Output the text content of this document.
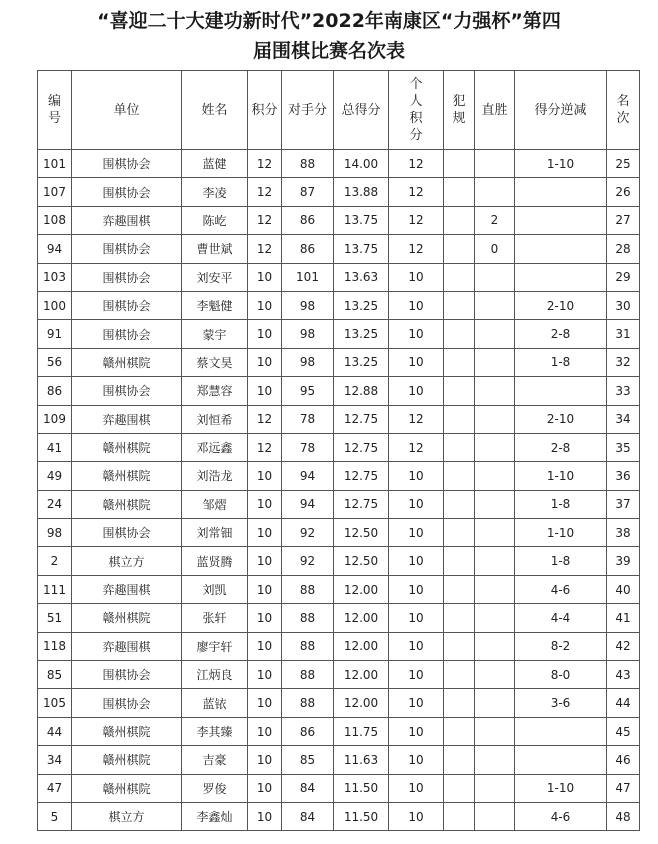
“喜迎二十大建功新时代”2022年南康区“力强杯”第四
届围棋比赛名次表
编号	单位	姓名	积分	对手分	总得分	个人积分	犯规	直胜	得分逆减	名次
101	围棋协会	蓝健	12	88	14.00	12			1-10	25
107	围棋协会	李凌	12	87	13.88	12				26
108	弈趣围棋	陈屹	12	86	13.75	12		2		27
94	围棋协会	曹世斌	12	86	13.75	12		0		28
103	围棋协会	刘安平	10	101	13.63	10				29
100	围棋协会	李魁健	10	98	13.25	10			2-10	30
91	围棋协会	蒙宇	10	98	13.25	10			2-8	31
56	赣州棋院	蔡文昊	10	98	13.25	10			1-8	32
86	围棋协会	郑慧容	10	95	12.88	10				33
109	弈趣围棋	刘恒希	12	78	12.75	12			2-10	34
41	赣州棋院	邓远鑫	12	78	12.75	12			2-8	35
49	赣州棋院	刘浩龙	10	94	12.75	10			1-10	36
24	赣州棋院	邹熠	10	94	12.75	10			1-8	37
98	围棋协会	刘常钿	10	92	12.50	10			1-10	38
2	棋立方	蓝贤腾	10	92	12.50	10			1-8	39
111	弈趣围棋	刘凯	10	88	12.00	10			4-6	40
51	赣州棋院	张轩	10	88	12.00	10			4-4	41
118	弈趣围棋	廖宇轩	10	88	12.00	10			8-2	42
85	围棋协会	江炳良	10	88	12.00	10			8-0	43
105	围棋协会	蓝铱	10	88	12.00	10			3-6	44
44	赣州棋院	李其臻	10	86	11.75	10				45
34	赣州棋院	吉豪	10	85	11.63	10				46
47	赣州棋院	罗俊	10	84	11.50	10			1-10	47
5	棋立方	李鑫灿	10	84	11.50	10			4-6	48
